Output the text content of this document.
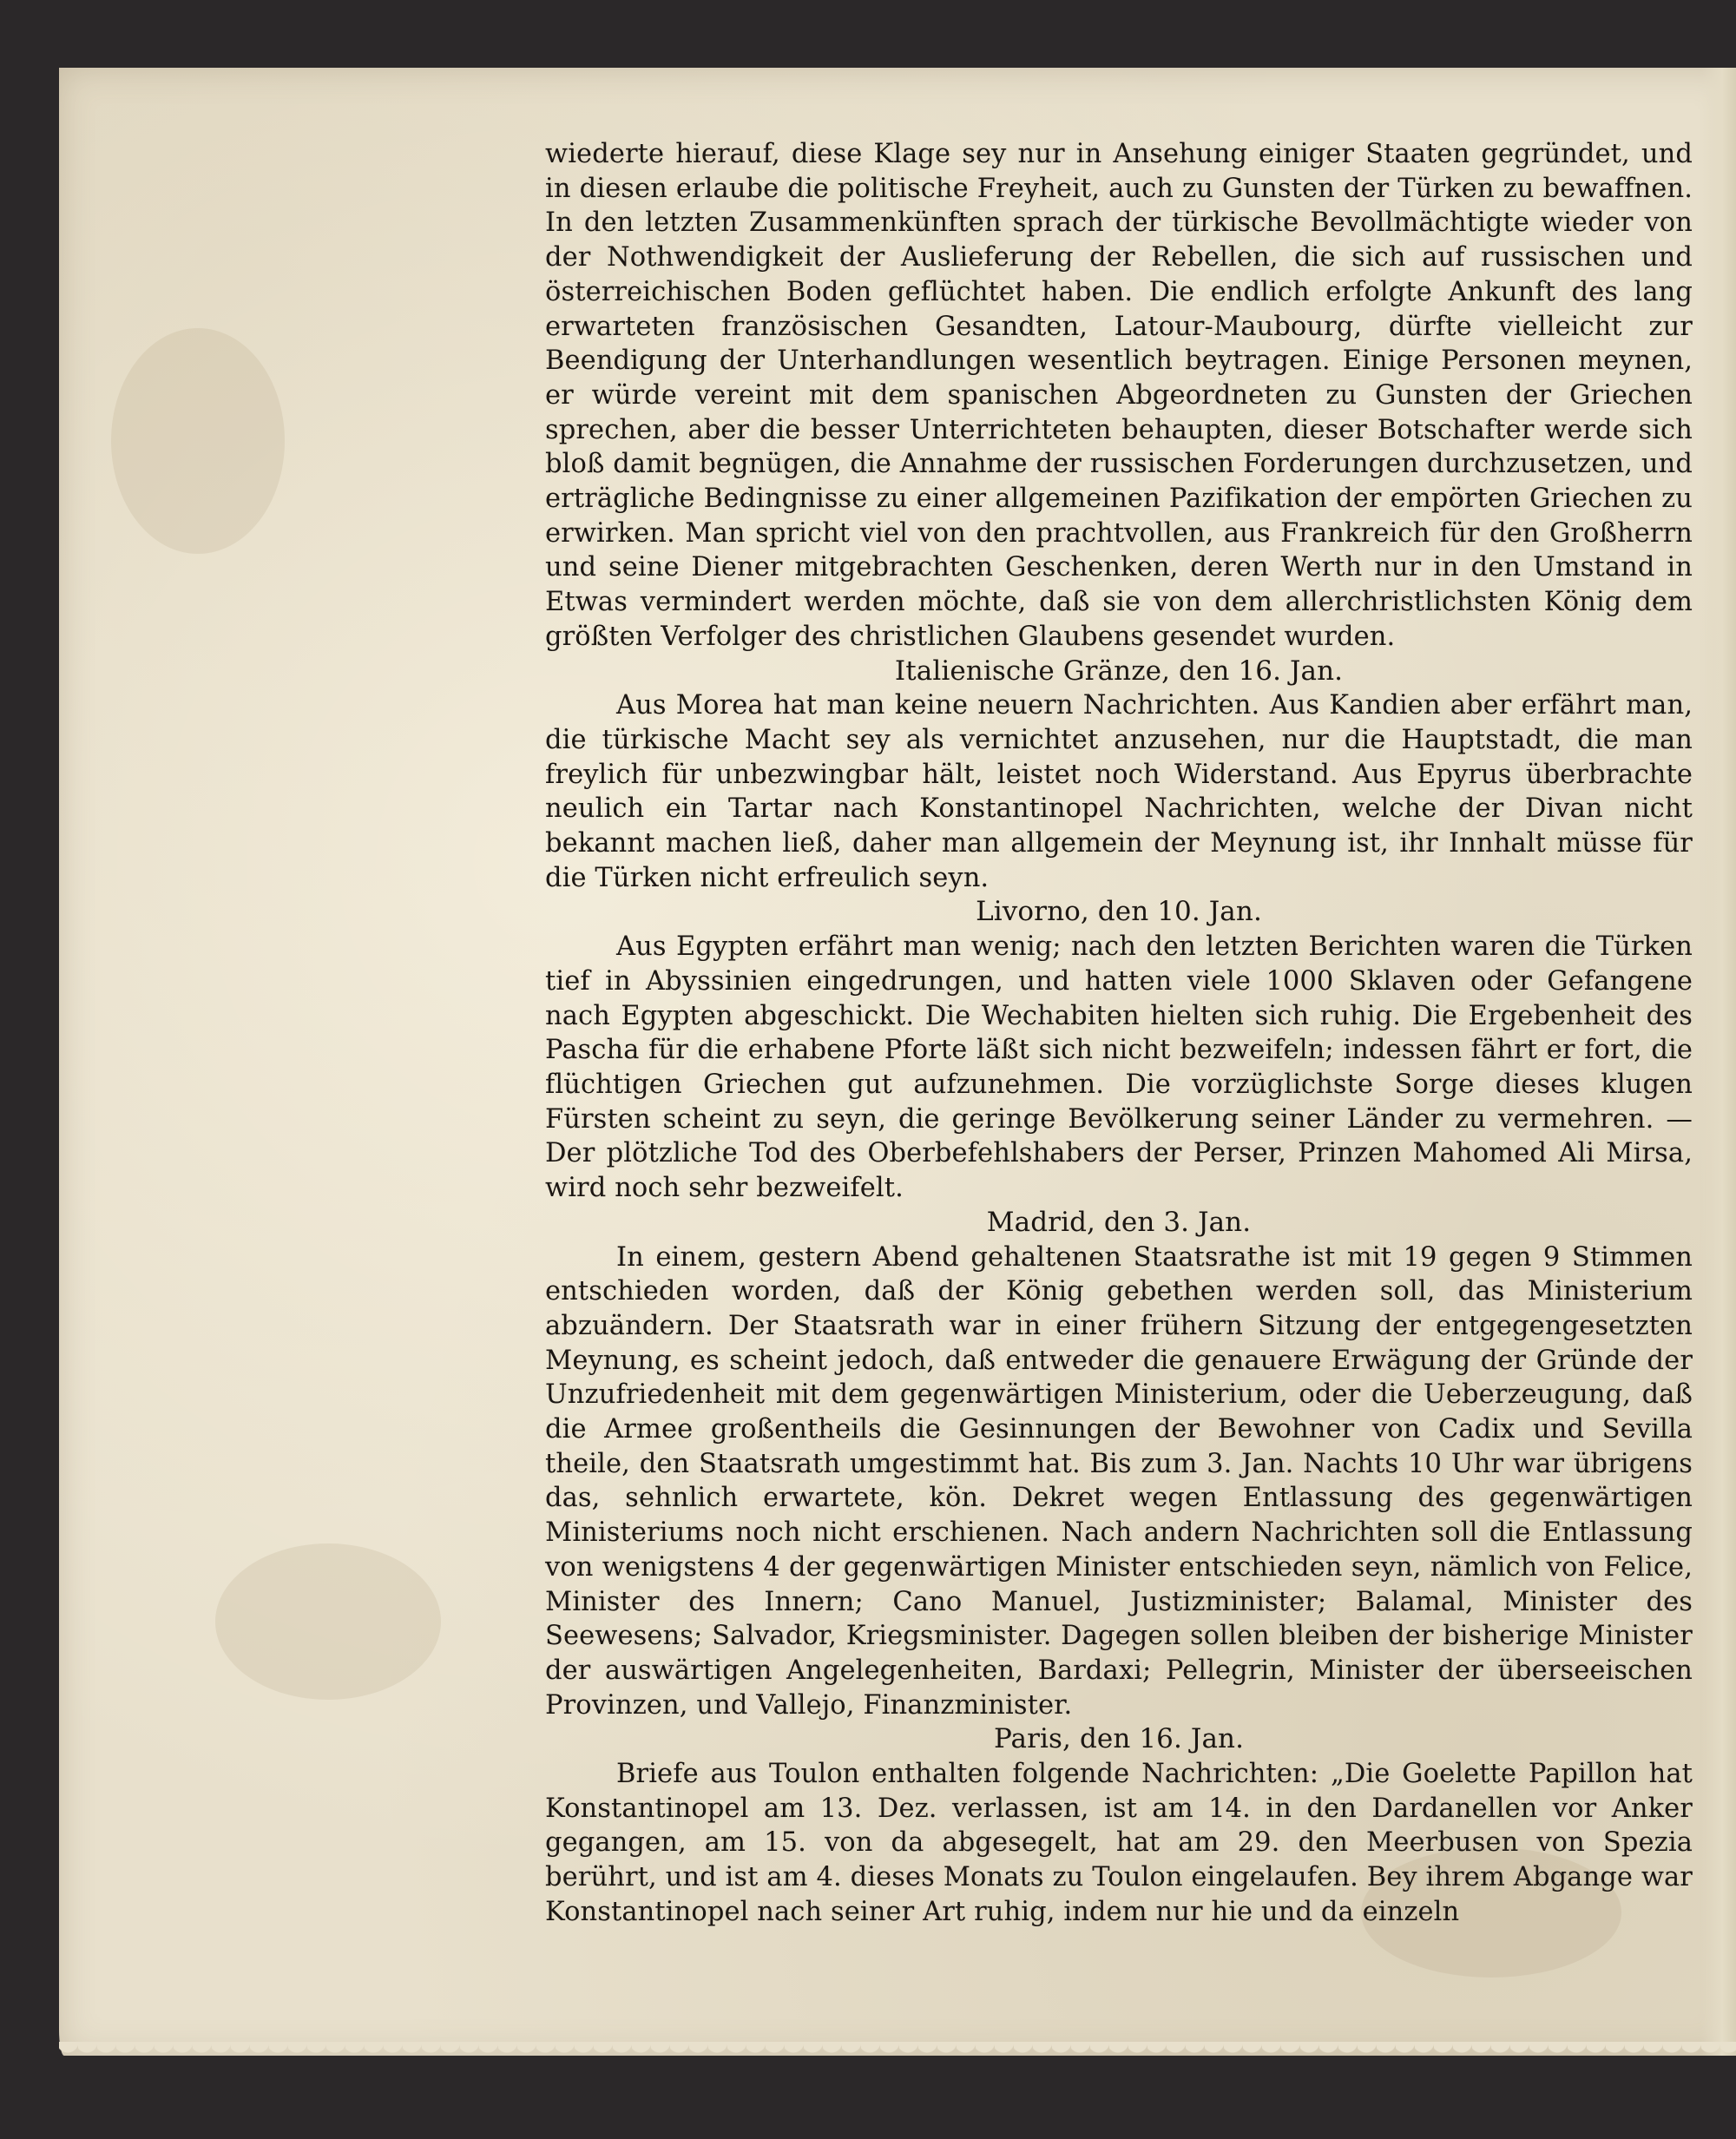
wiederte hierauf, diese Klage sey nur in Ansehung einiger Staaten gegründet, und in diesen erlaube die politische Freyheit, auch zu Gunsten der Türken zu bewaffnen. In den letzten Zusammenkünften sprach der türkische Bevollmächtigte wieder von der Nothwendigkeit der Auslieferung der Rebellen, die sich auf russischen und österreichischen Boden geflüchtet haben. Die endlich erfolgte Ankunft des lang erwarteten französischen Gesandten, Latour-Maubourg, dürfte vielleicht zur Beendigung der Unterhandlungen wesentlich beytragen. Einige Personen meynen, er würde vereint mit dem spanischen Abgeordneten zu Gunsten der Griechen sprechen, aber die besser Unterrichteten behaupten, dieser Botschafter werde sich bloß damit begnügen, die Annahme der russischen Forderungen durchzusetzen, und erträgliche Bedingnisse zu einer allgemeinen Pazifikation der empörten Griechen zu erwirken. Man spricht viel von den prachtvollen, aus Frankreich für den Großherrn und seine Diener mitgebrachten Geschenken, deren Werth nur in den Umstand in Etwas vermindert werden möchte, daß sie von dem allerchristlichsten König dem größten Verfolger des christlichen Glaubens gesendet wurden.

Italienische Gränze, den 16. Jan.

Aus Morea hat man keine neuern Nachrichten. Aus Kandien aber erfährt man, die türkische Macht sey als vernichtet anzusehen, nur die Hauptstadt, die man freylich für unbezwingbar hält, leistet noch Widerstand. Aus Epyrus überbrachte neulich ein Tartar nach Konstantinopel Nachrichten, welche der Divan nicht bekannt machen ließ, daher man allgemein der Meynung ist, ihr Innhalt müsse für die Türken nicht erfreulich seyn.

Livorno, den 10. Jan.

Aus Egypten erfährt man wenig; nach den letzten Berichten waren die Türken tief in Abyssinien eingedrungen, und hatten viele 1000 Sklaven oder Gefangene nach Egypten abgeschickt. Die Wechabiten hielten sich ruhig. Die Ergebenheit des Pascha für die erhabene Pforte läßt sich nicht bezweifeln; indessen fährt er fort, die flüchtigen Griechen gut aufzunehmen. Die vorzüglichste Sorge dieses klugen Fürsten scheint zu seyn, die geringe Bevölkerung seiner Länder zu vermehren. — Der plötzliche Tod des Oberbefehlshabers der Perser, Prinzen Mahomed Ali Mirsa, wird noch sehr bezweifelt.

Madrid, den 3. Jan.

In einem, gestern Abend gehaltenen Staatsrathe ist mit 19 gegen 9 Stimmen entschieden worden, daß der König gebethen werden soll, das Ministerium abzuändern. Der Staatsrath war in einer frühern Sitzung der entgegengesetzten Meynung, es scheint jedoch, daß entweder die genauere Erwägung der Gründe der Unzufriedenheit mit dem gegenwärtigen Ministerium, oder die Ueberzeugung, daß die Armee großentheils die Gesinnungen der Bewohner von Cadix und Sevilla theile, den Staatsrath umgestimmt hat. Bis zum 3. Jan. Nachts 10 Uhr war übrigens das, sehnlich erwartete, kön. Dekret wegen Entlassung des gegenwärtigen Ministeriums noch nicht erschienen. Nach andern Nachrichten soll die Entlassung von wenigstens 4 der gegenwärtigen Minister entschieden seyn, nämlich von Felice, Minister des Innern; Cano Manuel, Justizminister; Balamal, Minister des Seewesens; Salvador, Kriegsminister. Dagegen sollen bleiben der bisherige Minister der auswärtigen Angelegenheiten, Bardaxi; Pellegrin, Minister der überseeischen Provinzen, und Vallejo, Finanzminister.

Paris, den 16. Jan.

Briefe aus Toulon enthalten folgende Nachrichten: „Die Goelette Papillon hat Konstantinopel am 13. Dez. verlassen, ist am 14. in den Dardanellen vor Anker gegangen, am 15. von da abgesegelt, hat am 29. den Meerbusen von Spezia berührt, und ist am 4. dieses Monats zu Toulon eingelaufen. Bey ihrem Abgange war Konstantinopel nach seiner Art ruhig, indem nur hie und da einzeln
